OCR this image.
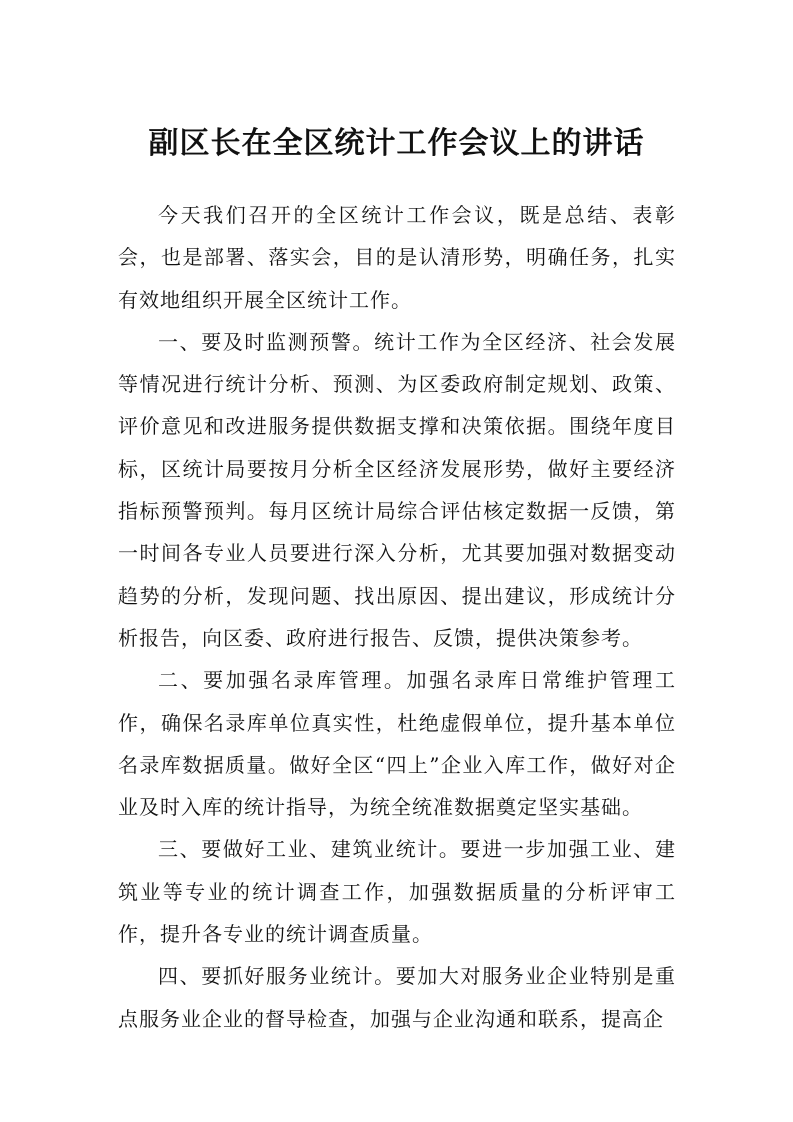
副区长在全区统计工作会议上的讲话

今天我们召开的全区统计工作会议，既是总结、表彰会，也是部署、落实会，目的是认清形势，明确任务，扎实有效地组织开展全区统计工作。

一、要及时监测预警。统计工作为全区经济、社会发展等情况进行统计分析、预测、为区委政府制定规划、政策、评价意见和改进服务提供数据支撑和决策依据。围绕年度目标，区统计局要按月分析全区经济发展形势，做好主要经济指标预警预判。每月区统计局综合评估核定数据一反馈，第一时间各专业人员要进行深入分析，尤其要加强对数据变动趋势的分析，发现问题、找出原因、提出建议，形成统计分析报告，向区委、政府进行报告、反馈，提供决策参考。

二、要加强名录库管理。加强名录库日常维护管理工作，确保名录库单位真实性，杜绝虚假单位，提升基本单位名录库数据质量。做好全区“四上”企业入库工作，做好对企业及时入库的统计指导，为统全统准数据奠定坚实基础。

三、要做好工业、建筑业统计。要进一步加强工业、建筑业等专业的统计调查工作，加强数据质量的分析评审工作，提升各专业的统计调查质量。

四、要抓好服务业统计。要加大对服务业企业特别是重点服务业企业的督导检查，加强与企业沟通和联系，提高企
